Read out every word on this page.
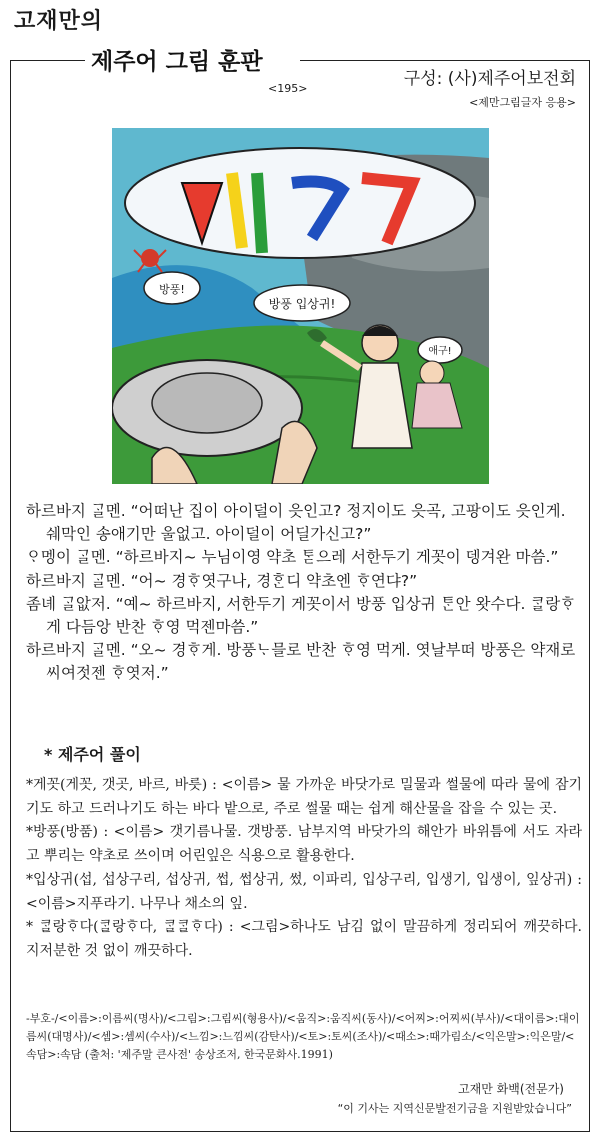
고재만의
제주어 그림 훈판
<195>	구성: (사)제주어보전회
<제만그림글자 응용>
게꼿
방풍!
방풍 입상귀!
애구!

하르바지 ᄀᆞᆯ멘. “어떠난 집이 아이덜이 읏인고? 정지이도 읏곡, 고팡이도 읏인게. 쉐막인 송애기만 울없고. 아이덜이 어딜가신고?”

ᄋᆞ멩이 ᄀᆞᆯ멘. “하르바지~ 누님이영 약초 ᄐᆞᆮ으레 서한두기 게꼿이 뎅겨완 마씀.”

하르바지 ᄀᆞᆯ멘. “어~ 경ᄒᆞ엿구나, 경ᄒᆞᆫ디 약초엔 ᄒᆞ연댜?”

좀녜 ᄀᆞᆯ앖저. “예~ 하르바지, 서한두기 게꼿이서 방풍 입상귀 ᄐᆞᆫ안 왓수다. ᄏᆞᆯ랑ᄒᆞ게 다듬앙 반찬 ᄒᆞ영 먹젠마씀.”

하르바지 ᄀᆞᆯ멘. “오~ 경ᄒᆞ게. 방풍ᄂᆞ믈로 반찬 ᄒᆞ영 먹게. 엿날부떠 방풍은 약재로 씨여젓젠 ᄒᆞ엿저.”

* 제주어 풀이

*게꼿(게꼿, 갯곳, 바르, 바릇) : <이름> 물 가까운 바닷가로 밀물과 썰물에 따라 물에 잠기기도 하고 드러나기도 하는 바다 밭으로, 주로 썰물 때는 쉽게 해산물을 잡을 수 있는 곳.

*방풍(방품) : <이름> 갯기름나물. 갯방풍. 남부지역 바닷가의 해안가 바위틈에 서도 자라고 뿌리는 약초로 쓰이며 어린잎은 식용으로 활용한다.

*입상귀(섭, 섭상구리, 섭상귀, 썹, 썹상귀, 썼, 이파리, 입상구리, 입생기, 입생이, 잎상귀) : <이름>지푸라기. 나무나 채소의 잎.

* ᄏᆞᆯ랑ᄒᆞ다(ᄏᆞᆯ랑ᄒᆞ다, ᄏᆞᆯᄏᆞᆯᄒᆞ다) : <그림>하나도 남김 없이 말끔하게 정리되어 깨끗하다. 지저분한 것 없이 깨끗하다.

-부호-/<이름>:이름씨(명사)/<그림>:그림씨(형용사)/<움직>:움직씨(동사)/<어찌>:어찌씨(부사)/<대이름>:대이름씨(대명사)/<셈>:셈씨(수사)/<느낌>:느낌씨(감탄사)/<토>:토씨(조사)/<때소>:때가림소/<익은말>:익은말/<속담>:속담 (출처: '제주말 큰사전' 송상조저, 한국문화사.1991)
고재만 화백(전문가)
“이 기사는 지역신문발전기금을 지원받았습니다”
